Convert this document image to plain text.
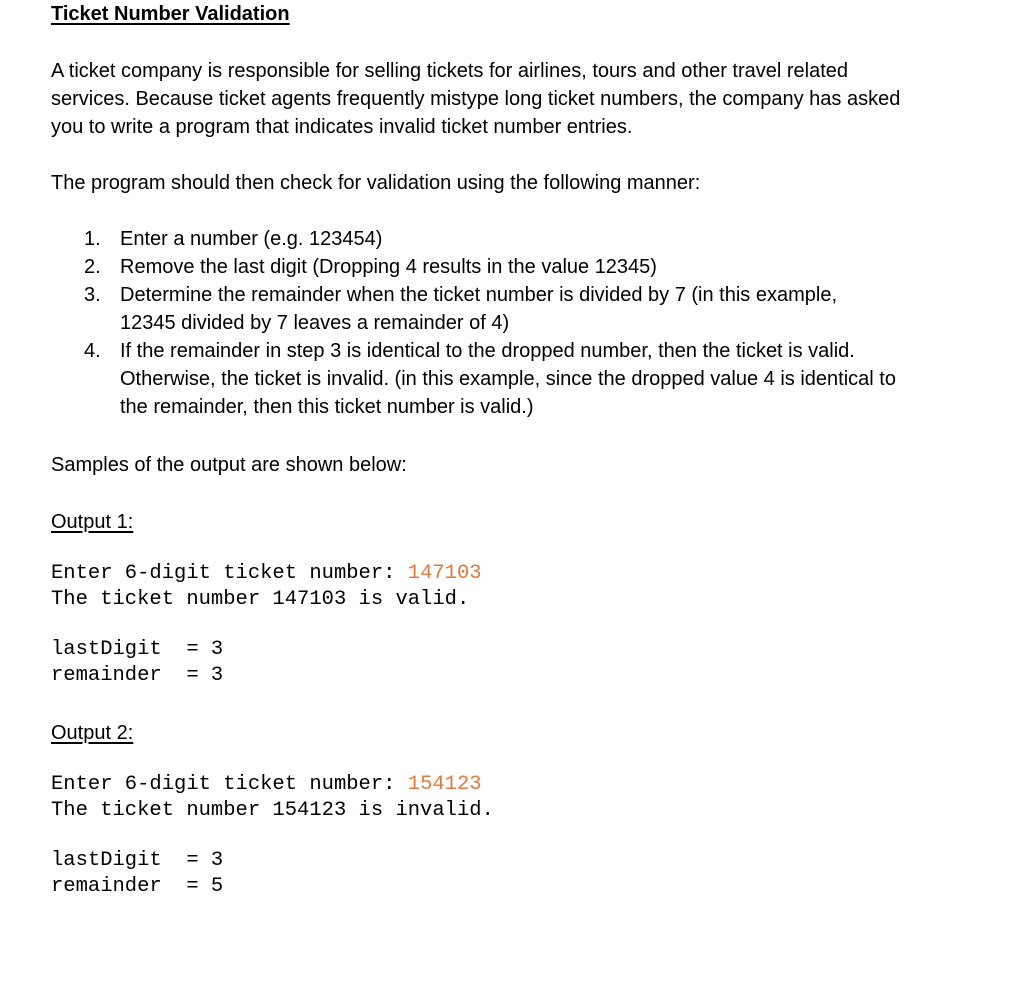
Ticket Number Validation

A ticket company is responsible for selling tickets for airlines, tours and other travel related

services. Because ticket agents frequently mistype long ticket numbers, the company has asked

you to write a program that indicates invalid ticket number entries.

The program should then check for validation using the following manner:

1. Enter a number (e.g. 123454)
2. Remove the last digit (Dropping 4 results in the value 12345)
3. Determine the remainder when the ticket number is divided by 7 (in this example,
12345 divided by 7 leaves a remainder of 4)
4. If the remainder in step 3 is identical to the dropped number, then the ticket is valid.
Otherwise, the ticket is invalid. (in this example, since the dropped value 4 is identical to
the remainder, then this ticket number is valid.)

Samples of the output are shown below:

Output 1:

Enter 6-digit ticket number: 147103
The ticket number 147103 is valid.
lastDigit  = 3
remainder  = 3

Output 2:

Enter 6-digit ticket number: 154123
The ticket number 154123 is invalid.
lastDigit  = 3
remainder  = 5
